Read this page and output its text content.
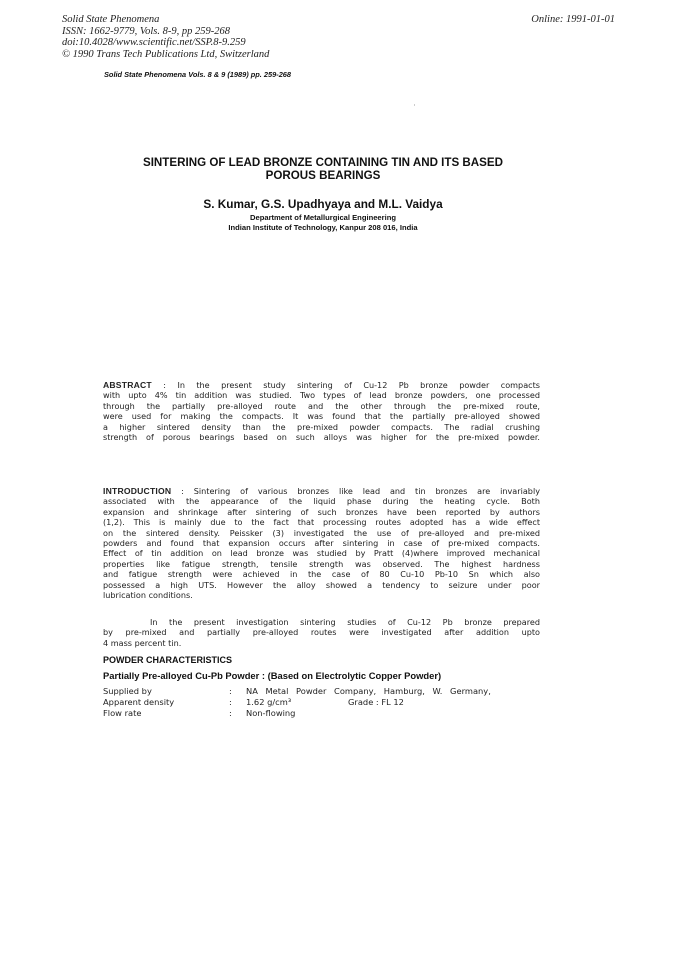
Solid State Phenomena
ISSN: 1662-9779, Vols. 8-9, pp 259-268
doi:10.4028/www.scientific.net/SSP.8-9.259
© 1990 Trans Tech Publications Ltd, Switzerland
Online: 1991-01-01
Solid State Phenomena Vols. 8 & 9 (1989) pp. 259-268
SINTERING OF LEAD BRONZE CONTAINING TIN AND ITS BASED
POROUS BEARINGS
S. Kumar, G.S. Upadhyaya and M.L. Vaidya
Department of Metallurgical Engineering
Indian Institute of Technology, Kanpur 208 016, India
ABSTRACT : In the present study sintering of Cu-12 Pb bronze powder compacts
with upto 4% tin addition was studied. Two types of lead bronze powders, one processed
through the partially pre-alloyed route and the other through the pre-mixed route,
were used for making the compacts. It was found that the partially pre-alloyed showed
a higher sintered density than the pre-mixed powder compacts. The radial crushing
strength of porous bearings based on such alloys was higher for the pre-mixed powder.
INTRODUCTION : Sintering of various bronzes like lead and tin bronzes are invariably
associated with the appearance of the liquid phase during the heating cycle. Both
expansion and shrinkage after sintering of such bronzes have been reported by authors
(1,2). This is mainly due to the fact that processing routes adopted has a wide effect
on the sintered density. Peissker (3) investigated the use of pre-alloyed and pre-mixed
powders and found that expansion occurs after sintering in case of pre-mixed compacts.
Effect of tin addition on lead bronze was studied by Pratt (4)where improved mechanical
properties like fatigue strength, tensile strength was observed. The highest hardness
and fatigue strength were achieved in the case of 80 Cu-10 Pb-10 Sn which also
possessed a high UTS. However the alloy showed a tendency to seizure under poor
lubrication conditions.
In the present investigation sintering studies of Cu-12 Pb bronze prepared
by pre-mixed and partially pre-alloyed routes were investigated after addition upto
4 mass percent tin.
POWDER CHARACTERISTICS
Partially Pre-alloyed Cu-Pb Powder : (Based on Electrolytic Copper Powder)
Supplied by	: NA Metal Powder Company, Hamburg, W. Germany,
Apparent density	: 1.62 g/cm³	Grade : FL 12
Flow rate	: Non-flowing
